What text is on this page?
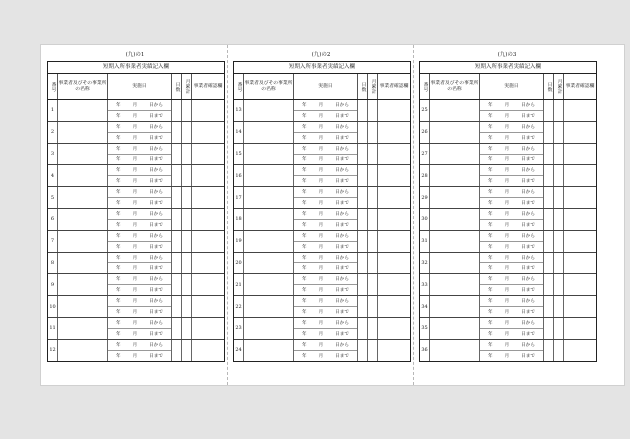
(九)の1
短期入所事業者実績記入欄
番号 事業者及びその事業所の名称
実施日	日数 月累計 事業者確認欄
1
年	月	日から
年	月	日まで
2
年	月	日から
年	月	日まで
3
年	月	日から
年	月	日まで
4
年	月	日から
年	月	日まで
5
年	月	日から
年	月	日まで
6
年	月	日から
年	月	日まで
7
年	月	日から
年	月	日まで
8
年	月	日から
年	月	日まで
9
年	月	日から
年	月	日まで
10
年	月	日から
年	月	日まで
11
年	月	日から
年	月	日まで
12
年	月	日から
年	月	日まで
(九)の2
短期入所事業者実績記入欄
番号 事業者及びその事業所の名称
実施日	日数 月累計 事業者確認欄
13
年	月	日から
年	月	日まで
14
年	月	日から
年	月	日まで
15
年	月	日から
年	月	日まで
16
年	月	日から
年	月	日まで
17
年	月	日から
年	月	日まで
18
年	月	日から
年	月	日まで
19
年	月	日から
年	月	日まで
20
年	月	日から
年	月	日まで
21
年	月	日から
年	月	日まで
22
年	月	日から
年	月	日まで
23
年	月	日から
年	月	日まで
24
年	月	日から
年	月	日まで
(九)の3
短期入所事業者実績記入欄
番号 事業者及びその事業所の名称
実施日	日数 月累計 事業者確認欄
25
年	月	日から
年	月	日まで
26
年	月	日から
年	月	日まで
27
年	月	日から
年	月	日まで
28
年	月	日から
年	月	日まで
29
年	月	日から
年	月	日まで
30
年	月	日から
年	月	日まで
31
年	月	日から
年	月	日まで
32
年	月	日から
年	月	日まで
33
年	月	日から
年	月	日まで
34
年	月	日から
年	月	日まで
35
年	月	日から
年	月	日まで
36
年	月	日から
年	月	日まで
